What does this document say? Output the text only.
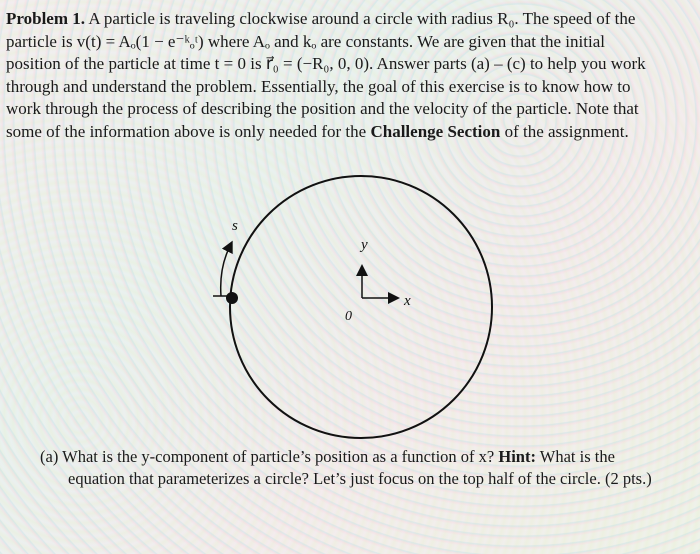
Problem 1. A particle is traveling clockwise around a circle with radius R₀. The speed of the
particle is v(t) = Aₒ(1 − e⁻ᵏₒᵗ) where Aₒ and kₒ are constants. We are given that the initial
position of the particle at time t = 0 is r⃗₀ = (−R₀, 0, 0). Answer parts (a) – (c) to help you work
through and understand the problem. Essentially, the goal of this exercise is to know how to
work through the process of describing the position and the velocity of the particle. Note that
some of the information above is only needed for the Challenge Section of the assignment.
s
y
x
0
(a) What is the y-component of particle’s position as a function of x? Hint: What is the
equation that parameterizes a circle? Let’s just focus on the top half of the circle. (2 pts.)
